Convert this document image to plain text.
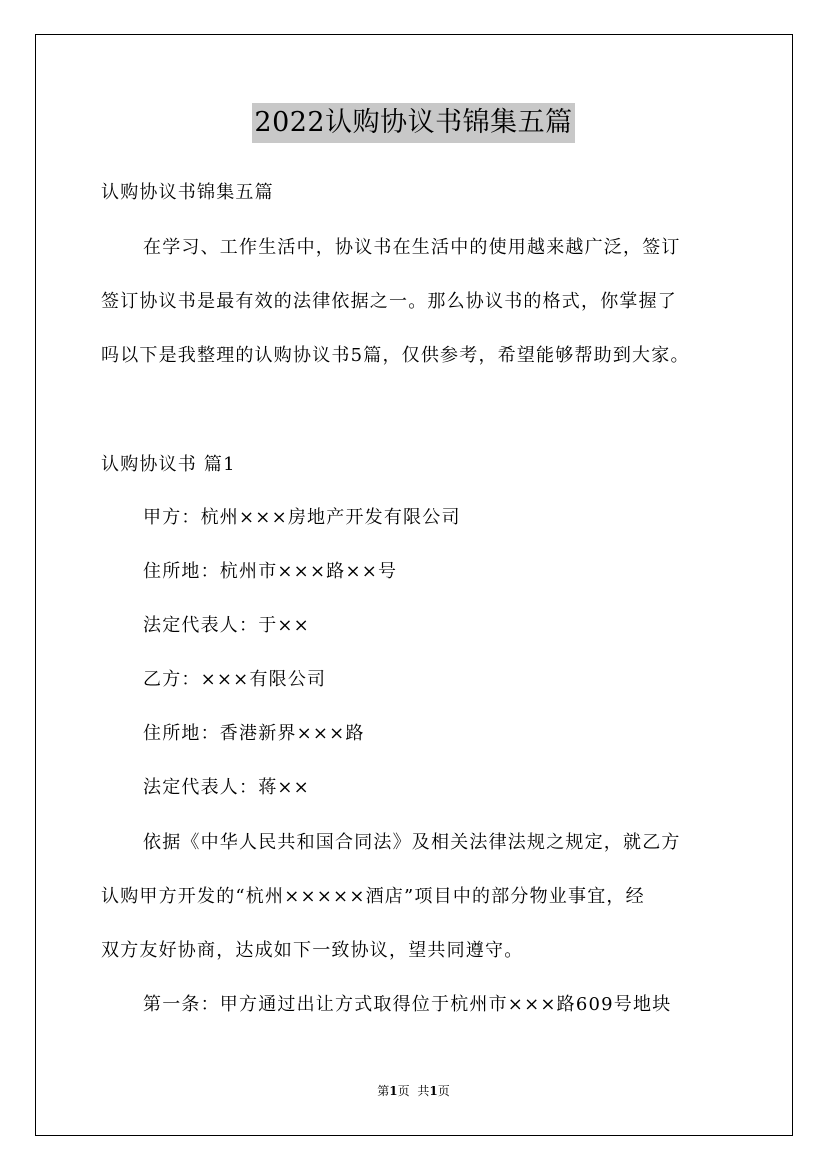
2022认购协议书锦集五篇
认购协议书锦集五篇
在学习、工作生活中，协议书在生活中的使用越来越广泛，签订
签订协议书是最有效的法律依据之一。那么协议书的格式，你掌握了
吗以下是我整理的认购协议书5篇，仅供参考，希望能够帮助到大家。
认购协议书 篇1
甲方：杭州×××房地产开发有限公司
住所地：杭州市×××路××号
法定代表人：于××
乙方：×××有限公司
住所地：香港新界×××路
法定代表人：蒋××
依据《中华人民共和国合同法》及相关法律法规之规定，就乙方
认购甲方开发的“杭州×××××酒店”项目中的部分物业事宜，经
双方友好协商，达成如下一致协议，望共同遵守。
第一条：甲方通过出让方式取得位于杭州市×××路609号地块
第1页 共1页
